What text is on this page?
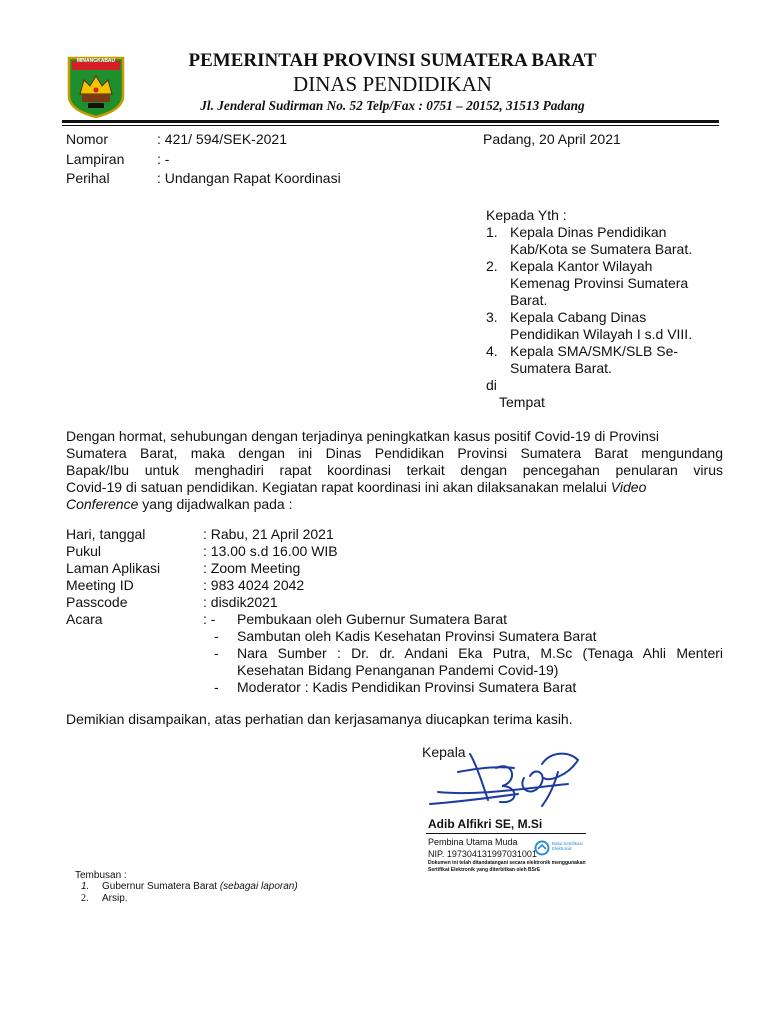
MINANGKABAU	PEMERINTAH PROVINSI SUMATERA BARAT
DINAS PENDIDIKAN
Jl. Jenderal Sudirman No. 52 Telp/Fax : 0751 – 20152, 31513 Padang
Nomor	: 421/ 594/SEK-2021
Lampiran : -
Perihal	: Undangan Rapat Koordinasi
Padang, 20 April 2021
Kepada Yth :
1. Kepala Dinas Pendidikan
Kab/Kota se Sumatera Barat.
2. Kepala Kantor Wilayah
Kemenag Provinsi Sumatera
Barat.
3. Kepala Cabang Dinas
Pendidikan Wilayah I s.d VIII.
4. Kepala SMA/SMK/SLB Se-
Sumatera Barat.
di
Tempat
Dengan hormat, sehubungan dengan terjadinya peningkatkan kasus positif Covid-19 di Provinsi
Sumatera Barat, maka dengan ini Dinas Pendidikan Provinsi Sumatera Barat mengundang
Bapak/Ibu untuk menghadiri rapat koordinasi terkait dengan pencegahan penularan virus
Covid-19 di satuan pendidikan. Kegiatan rapat koordinasi ini akan dilaksanakan melalui Video
Conference yang dijadwalkan pada :
Hari, tanggal	: Rabu, 21 April 2021
Pukul	: 13.00 s.d 16.00 WIB
Laman Aplikasi	: Zoom Meeting
Meeting ID	: 983 4024 2042
Passcode	: disdik2021
Acara	: - Pembukaan oleh Gubernur Sumatera Barat
- Sambutan oleh Kadis Kesehatan Provinsi Sumatera Barat
- Nara Sumber : Dr. dr. Andani Eka Putra, M.Sc (Tenaga Ahli Menteri
Kesehatan Bidang Penanganan Pandemi Covid-19)
- Moderator : Kadis Pendidikan Provinsi Sumatera Barat
Demikian disampaikan, atas perhatian dan kerjasamanya diucapkan terima kasih.
Kepala
Adib Alfikri SE, M.Si
Pembina Utama Muda
NIP. 197304131997031001
Balai Sertifikasi Elektronik
Dokumen ini telah ditandatangani secara elektronik menggunakan Sertifikat Elektronik yang diterbitkan oleh BSrE
Tembusan :
1. Gubernur Sumatera Barat (sebagai laporan)
2. Arsip.
